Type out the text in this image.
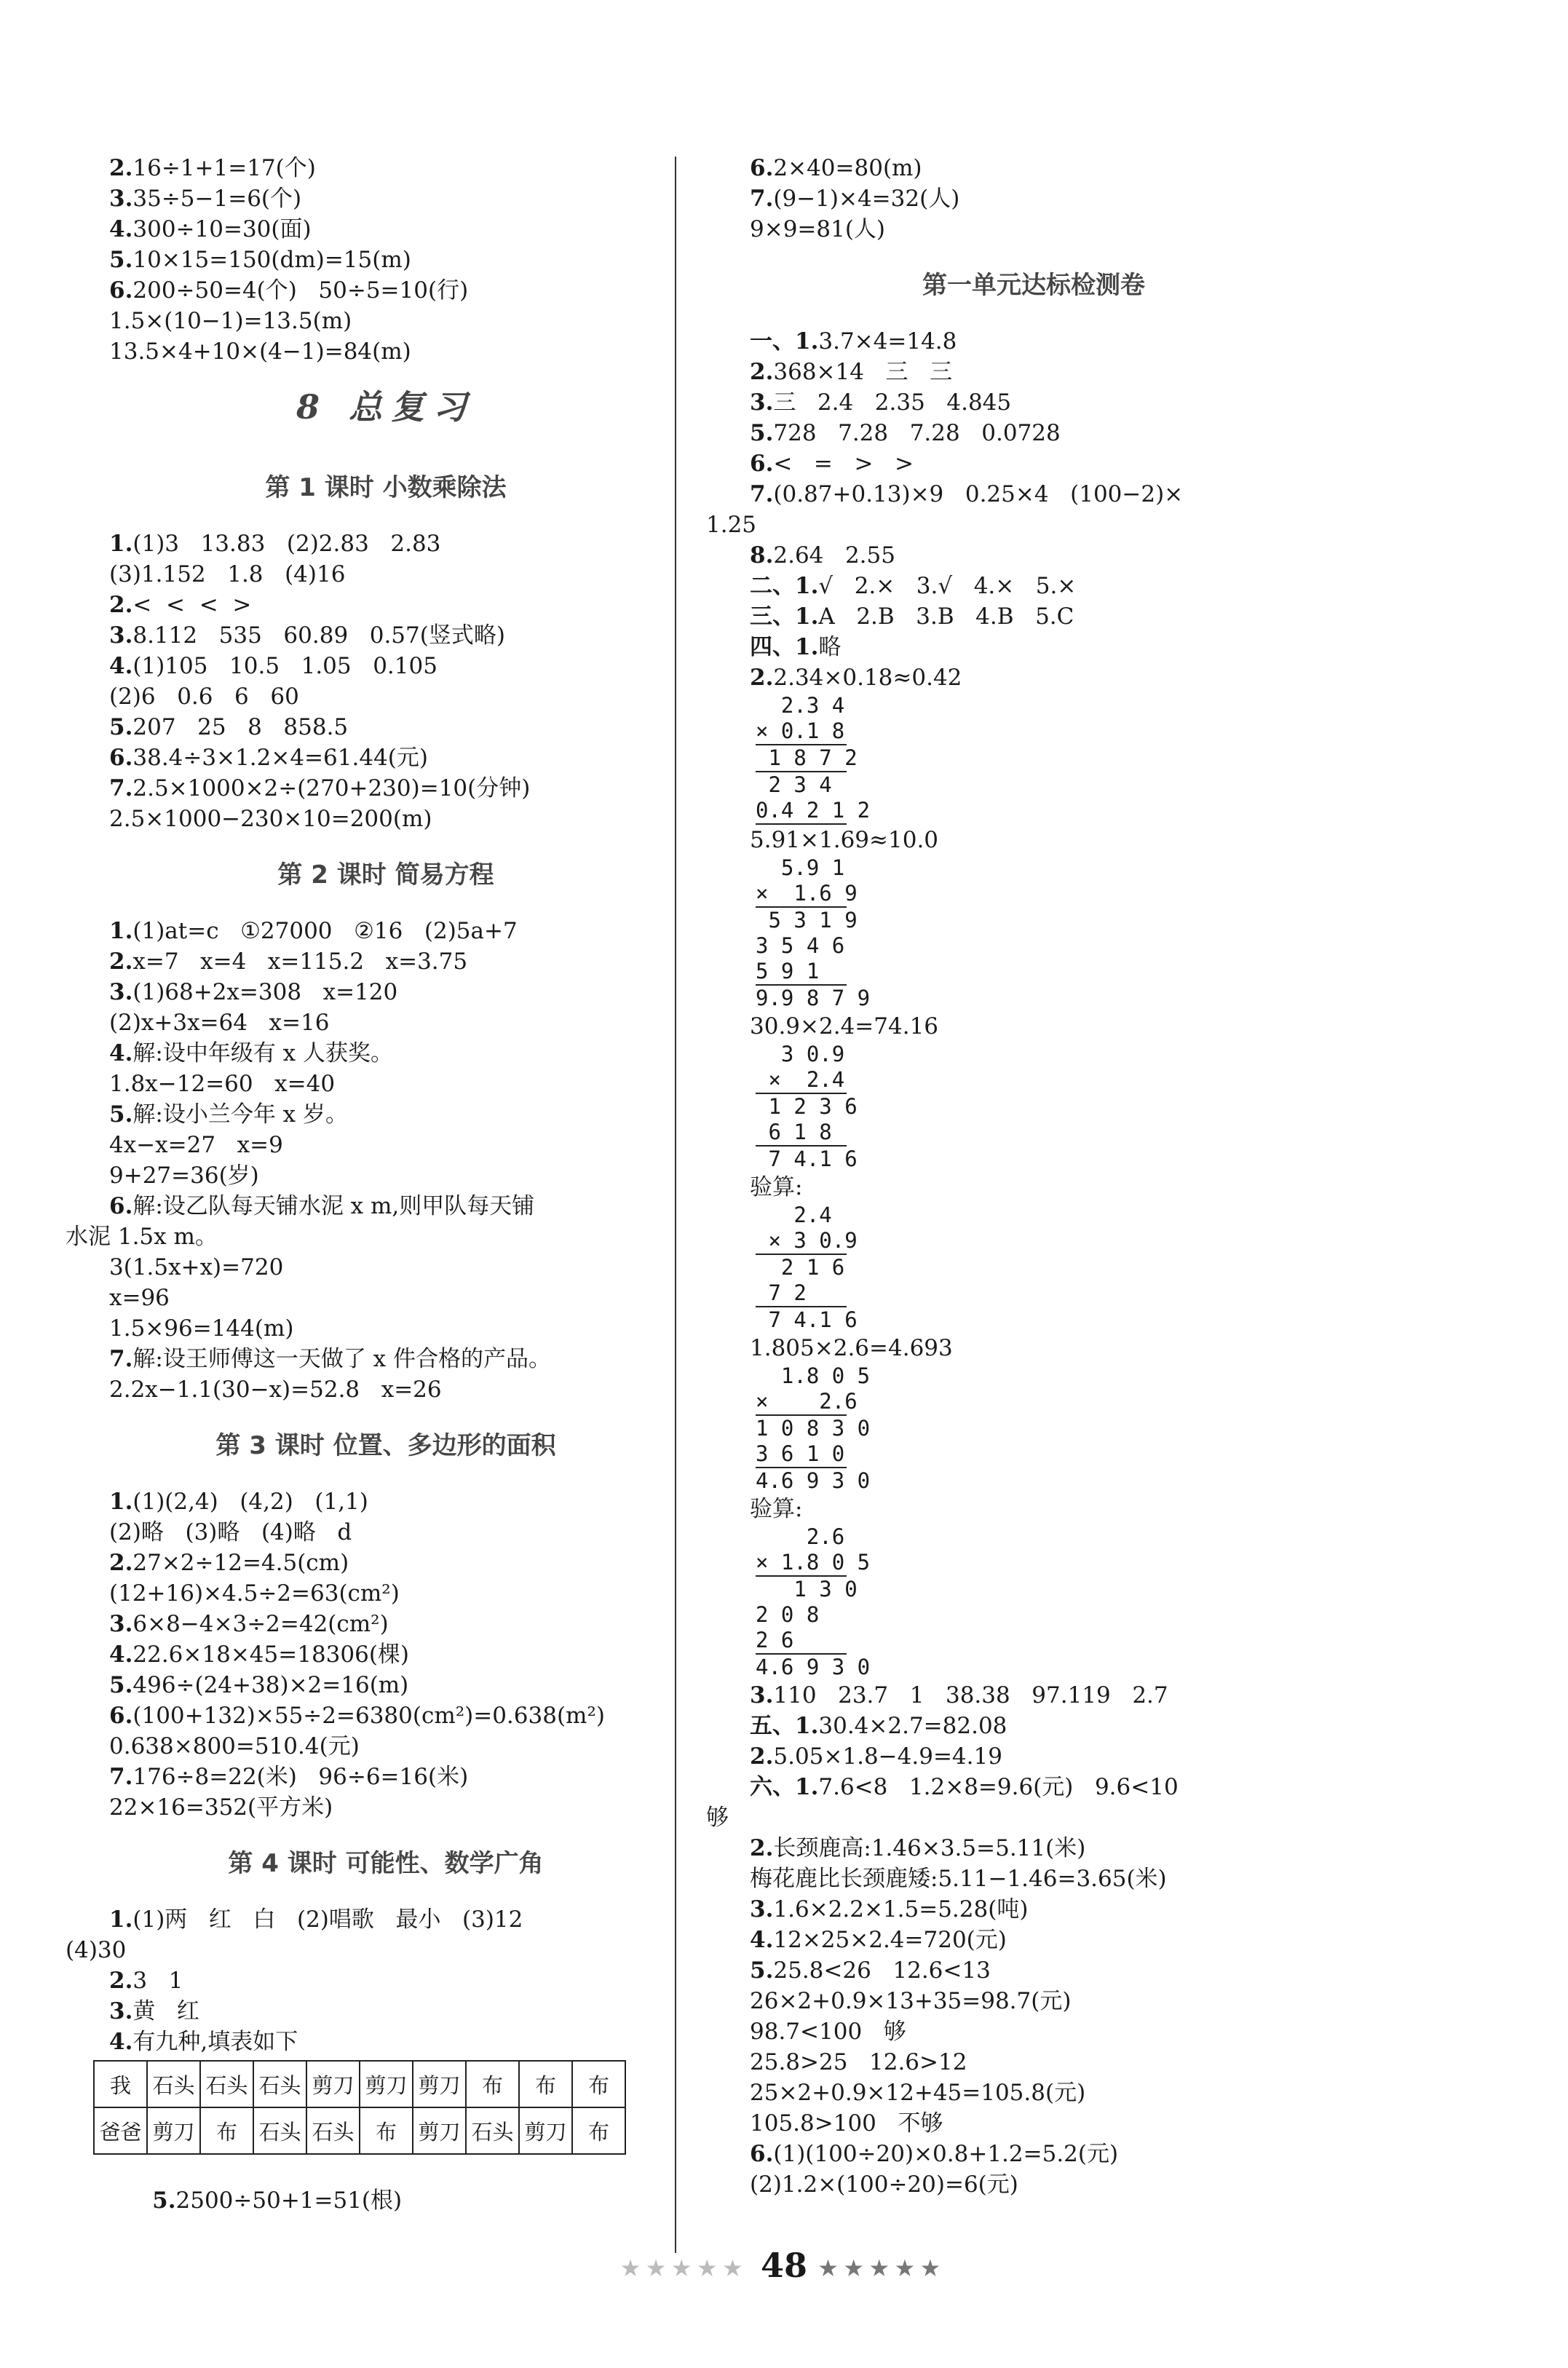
2.16÷1+1=17(个)
3.35÷5−1=6(个)
4.300÷10=30(面)
5.10×15=150(dm)=15(m)
6.200÷50=4(个)   50÷5=10(行)
1.5×(10−1)=13.5(m)
13.5×4+10×(4−1)=84(m)
8 总复习
第 1 课时 小数乘除法
1.(1)3   13.83   (2)2.83   2.83
(3)1.152   1.8   (4)16
2.<  <  <  >
3.8.112   535   60.89   0.57(竖式略)
4.(1)105   10.5   1.05   0.105
(2)6   0.6   6   60
5.207   25   8   858.5
6.38.4÷3×1.2×4=61.44(元)
7.2.5×1000×2÷(270+230)=10(分钟)
2.5×1000−230×10=200(m)
第 2 课时 简易方程
1.(1)at=c   ①27000   ②16   (2)5a+7
2.x=7   x=4   x=115.2   x=3.75
3.(1)68+2x=308   x=120
(2)x+3x=64   x=16
4.解:设中年级有 x 人获奖。
1.8x−12=60   x=40
5.解:设小兰今年 x 岁。
4x−x=27   x=9
9+27=36(岁)
6.解:设乙队每天铺水泥 x m,则甲队每天铺
水泥 1.5x m。
3(1.5x+x)=720
x=96
1.5×96=144(m)
7.解:设王师傅这一天做了 x 件合格的产品。
2.2x−1.1(30−x)=52.8   x=26
第 3 课时 位置、多边形的面积
1.(1)(2,4)   (4,2)   (1,1)
(2)略   (3)略   (4)略   d
2.27×2÷12=4.5(cm)
(12+16)×4.5÷2=63(cm²)
3.6×8−4×3÷2=42(cm²)
4.22.6×18×45=18306(棵)
5.496÷(24+38)×2=16(m)
6.(100+132)×55÷2=6380(cm²)=0.638(m²)
0.638×800=510.4(元)
7.176÷8=22(米)   96÷6=16(米)
22×16=352(平方米)
第 4 课时 可能性、数学广角
1.(1)两   红   白   (2)唱歌   最小   (3)12
(4)30
2.3   1
3.黄   红
4.有九种,填表如下
我	石头	石头	石头	剪刀	剪刀	剪刀	布	布	布
爸爸	剪刀	布	石头	石头	布	剪刀	石头	剪刀	布

5.2500÷50+1=51(根)

6.2×40=80(m)
7.(9−1)×4=32(人)
9×9=81(人)
第一单元达标检测卷
一、1.3.7×4=14.8
2.368×14   三   三
3.三   2.4   2.35   4.845
5.728   7.28   7.28   0.0728
6.<   =   >   >
7.(0.87+0.13)×9   0.25×4   (100−2)×
1.25
8.2.64   2.55
二、1.√   2.×   3.√   4.×   5.×
三、1.A   2.B   3.B   4.B   5.C
四、1.略
2.2.34×0.18≈0.42
2.3 4
× 0.1 8
1 8 7 2
2 3 4
0.4 2 1 2
5.91×1.69≈10.0
5.9 1
×  1.6 9
5 3 1 9
3 5 4 6
5 9 1
9.9 8 7 9
30.9×2.4=74.16
3 0.9
×  2.4
1 2 3 6
6 1 8
7 4.1 6
验算:
2.4
× 3 0.9
2 1 6
7 2
7 4.1 6
1.805×2.6=4.693
1.8 0 5
×    2.6
1 0 8 3 0
3 6 1 0
4.6 9 3 0
验算:
2.6
× 1.8 0 5
1 3 0
2 0 8
2 6
4.6 9 3 0
3.110   23.7   1   38.38   97.119   2.7
五、1.30.4×2.7=82.08
2.5.05×1.8−4.9=4.19
六、1.7.6<8   1.2×8=9.6(元)   9.6<10
够
2.长颈鹿高:1.46×3.5=5.11(米)
梅花鹿比长颈鹿矮:5.11−1.46=3.65(米)
3.1.6×2.2×1.5=5.28(吨)
4.12×25×2.4=720(元)
5.25.8<26   12.6<13
26×2+0.9×13+35=98.7(元)
98.7<100   够
25.8>25   12.6>12
25×2+0.9×12+45=105.8(元)
105.8>100   不够
6.(1)(100÷20)×0.8+1.2=5.2(元)
(2)1.2×(100÷20)=6(元)
★★★★★ 48 ★★★★★
